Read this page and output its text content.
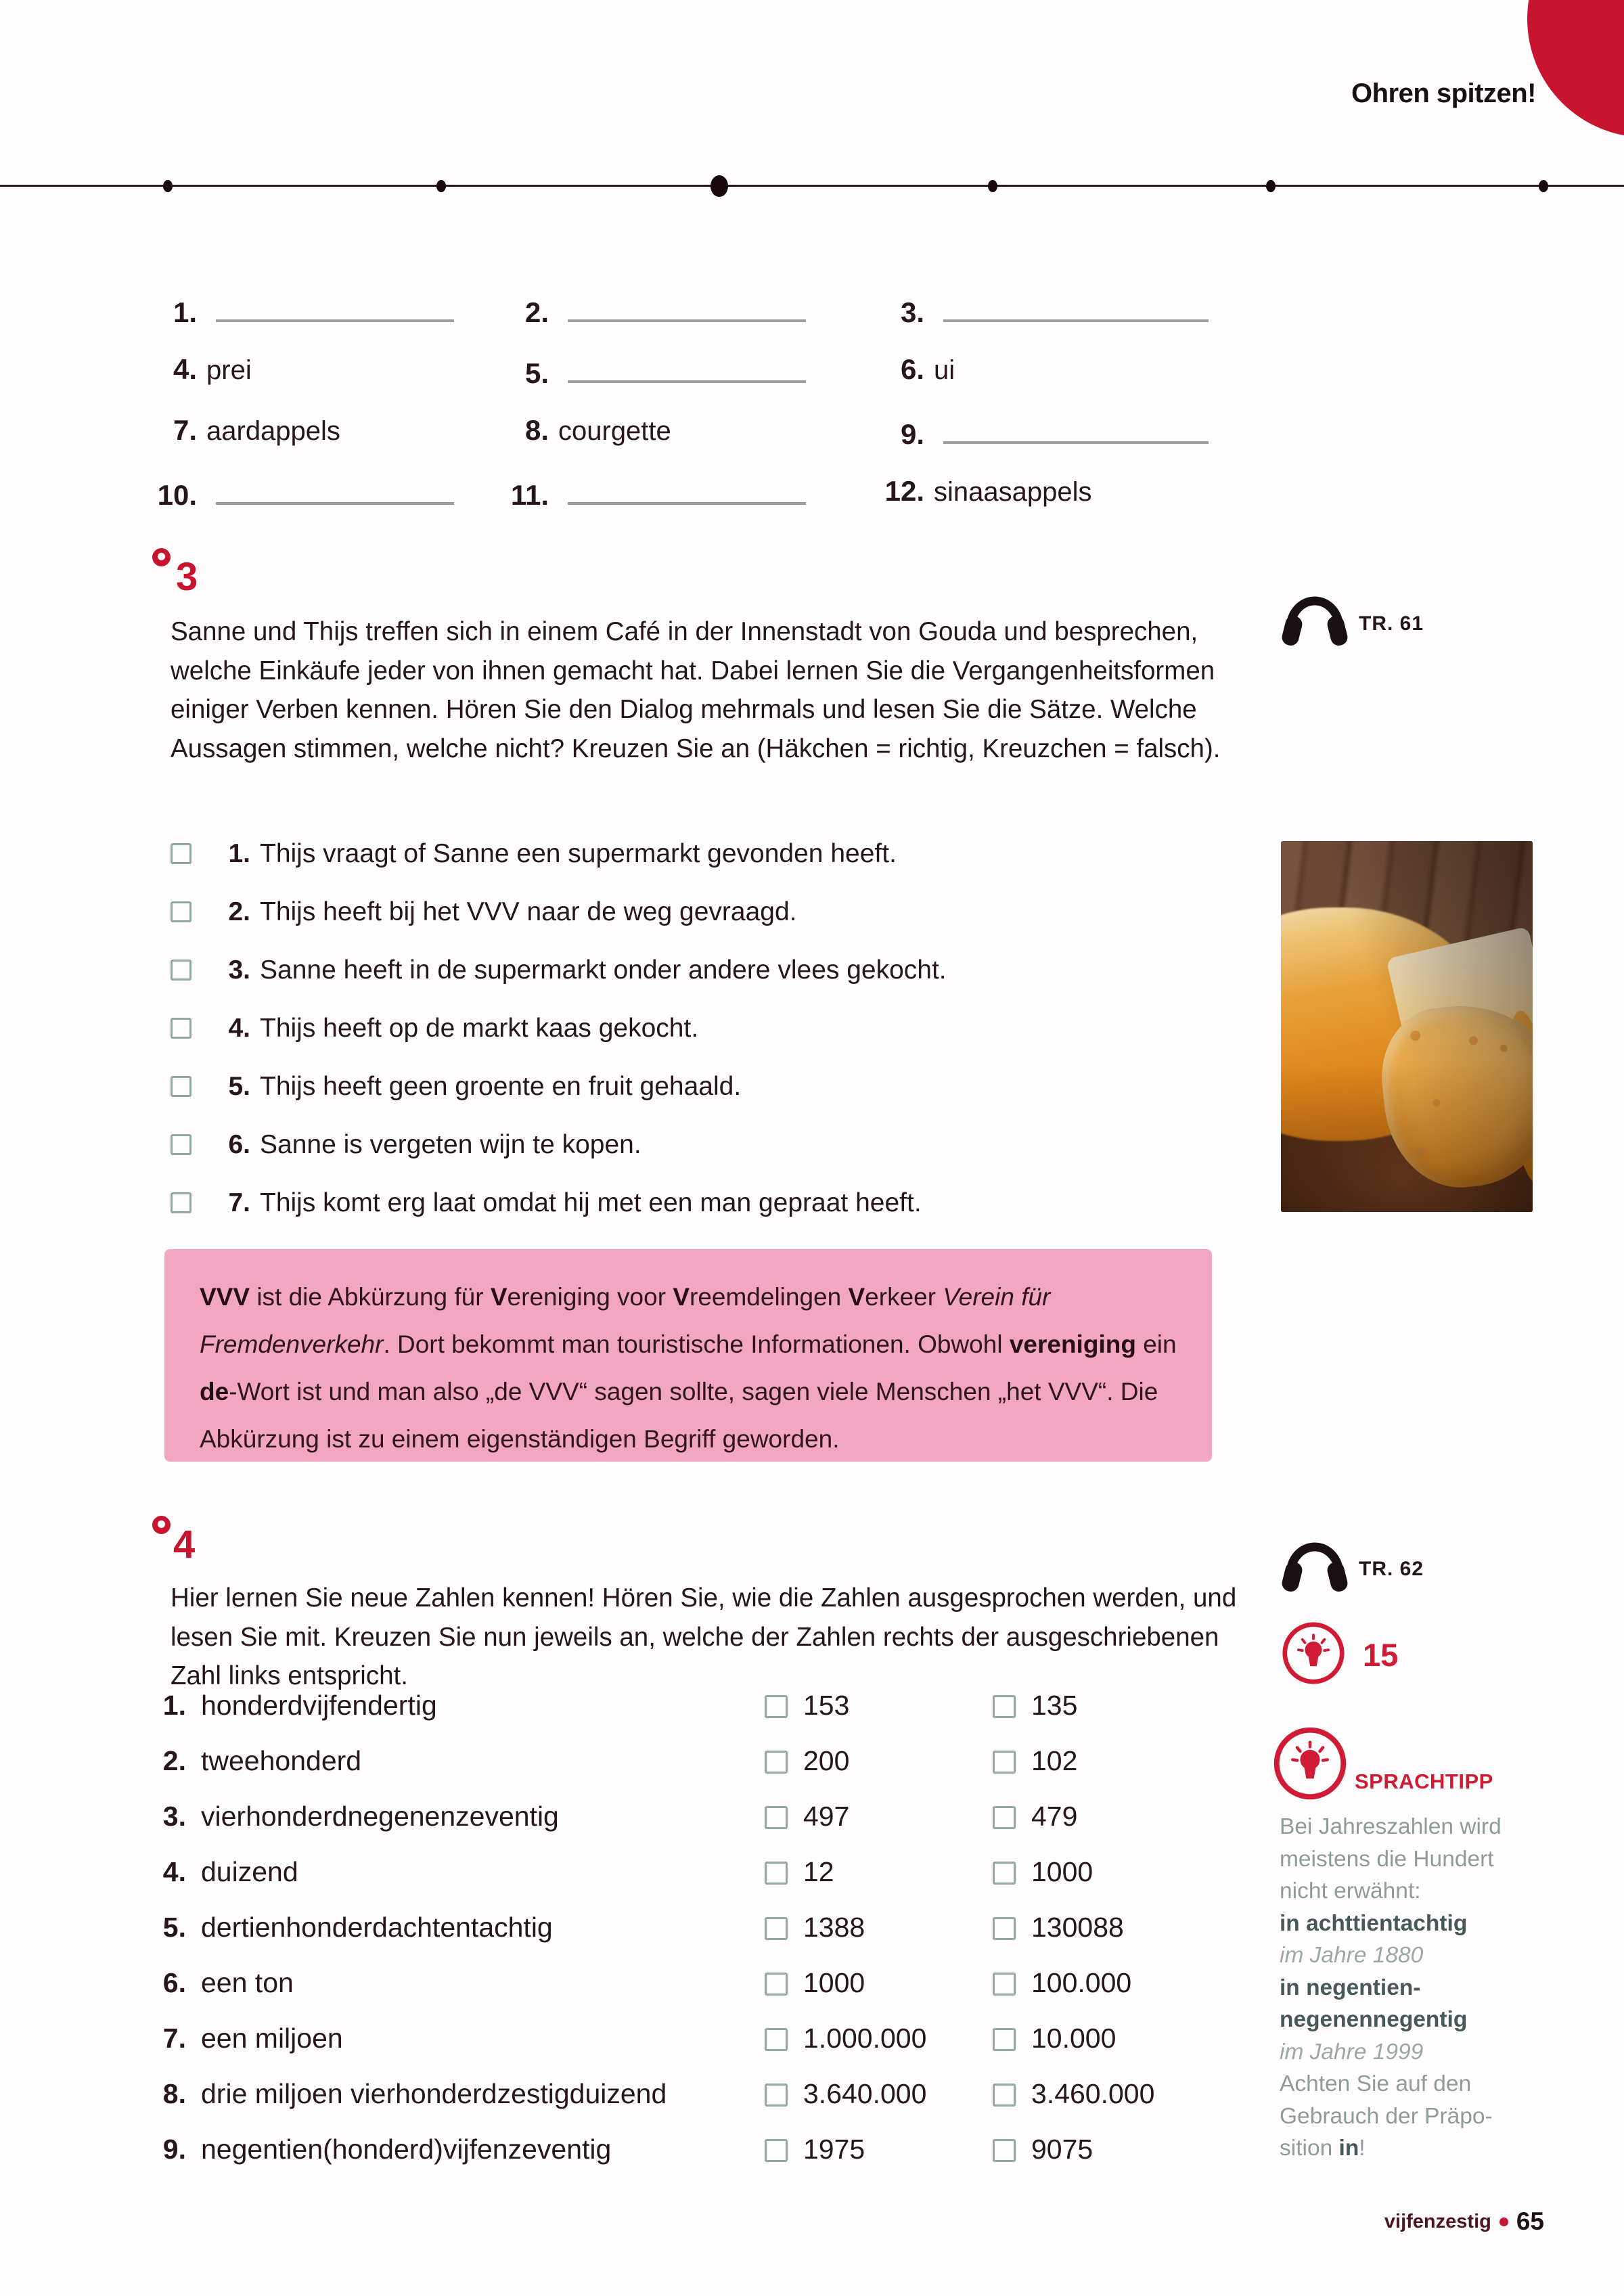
Ohren spitzen!
1.	2.	3.
4. prei	5.	6. ui
7. aardappels	8. courgette	9.
10.	11.	12. sinaasappels
3
Sanne und Thijs treffen sich in einem Café in der Innenstadt von Gouda und besprechen, welche Einkäufe jeder von ihnen gemacht hat. Dabei lernen Sie die Vergangenheitsformen einiger Verben kennen. Hören Sie den Dialog mehrmals und lesen Sie die Sätze. Welche Aussagen stimmen, welche nicht? Kreuzen Sie an (Häkchen = richtig, Kreuzchen = falsch).
TR. 61
1. Thijs vraagt of Sanne een supermarkt gevonden heeft.
2. Thijs heeft bij het VVV naar de weg gevraagd.
3. Sanne heeft in de supermarkt onder andere vlees gekocht.
4. Thijs heeft op de markt kaas gekocht.
5. Thijs heeft geen groente en fruit gehaald.
6. Sanne is vergeten wijn te kopen.
7. Thijs komt erg laat omdat hij met een man gepraat heeft.
VVV ist die Abkürzung für Vereniging voor Vreemdelingen Verkeer Verein für Fremdenverkehr. Dort bekommt man touristische Informationen. Obwohl vereniging ein de-Wort ist und man also „de VVV“ sagen sollte, sagen viele Menschen „het VVV“. Die Abkürzung ist zu einem eigenständigen Begriff geworden.
4
Hier lernen Sie neue Zahlen kennen! Hören Sie, wie die Zahlen ausgesprochen werden, und lesen Sie mit. Kreuzen Sie nun jeweils an, welche der Zahlen rechts der ausgeschriebenen Zahl links entspricht.
TR. 62
15
1. honderdvijfendertig	153	135
2. tweehonderd	200	102
3. vierhonderdnegenenzeventig	497	479
4. duizend	12	1000
5. dertienhonderdachtentachtig	1388	130088
6. een ton	1000	100.000
7. een miljoen	1.000.000	10.000
8. drie miljoen vierhonderdzestigduizend	3.640.000	3.460.000
9. negentien(honderd)vijfenzeventig	1975	9075
SPRACHTIPP
Bei Jahreszahlen wird
meistens die Hundert
nicht erwähnt:
in achttientachtig
im Jahre 1880
in negentien-
negenennegentig
im Jahre 1999
Achten Sie auf den
Gebrauch der Präpo-
sition in!
vijfenzestig 65
